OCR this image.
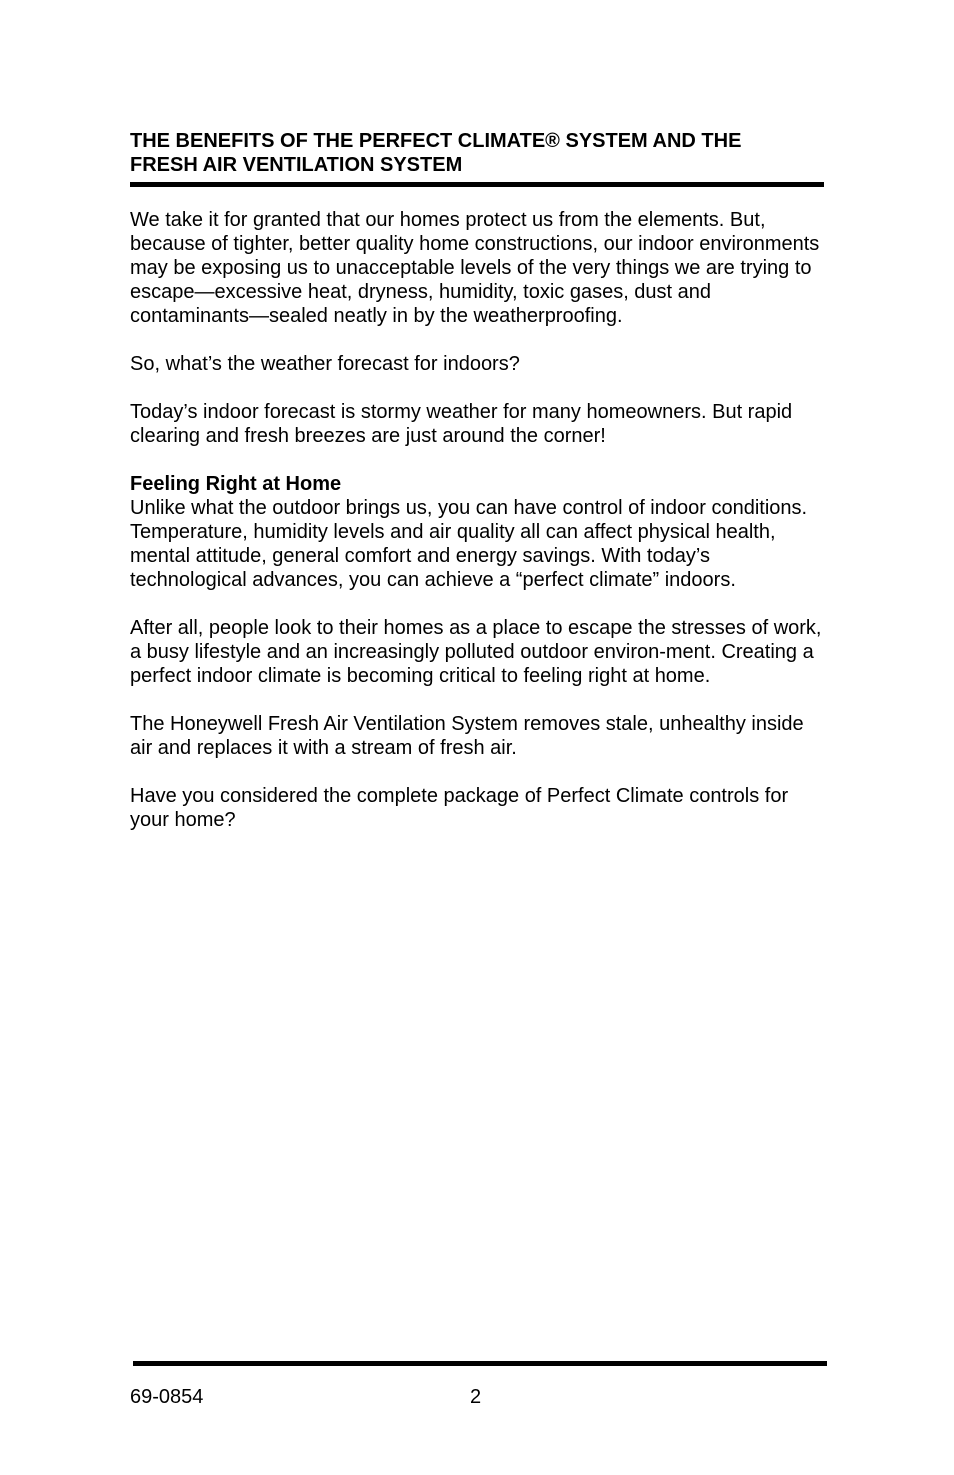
THE BENEFITS OF THE PERFECT CLIMATE® SYSTEM AND THE
FRESH AIR VENTILATION SYSTEM

We take it for granted that our homes protect us from the elements. But, because of tighter, better quality home constructions, our indoor environments may be exposing us to unacceptable levels of the very things we are trying to escape—excessive heat, dryness, humidity, toxic gases, dust and contaminants—sealed neatly in by the weatherproofing.

So, what’s the weather forecast for indoors?

Today’s indoor forecast is stormy weather for many homeowners. But rapid clearing and fresh breezes are just around the corner!

Feeling Right at Home
Unlike what the outdoor brings us, you can have control of indoor conditions. Temperature, humidity levels and air quality all can affect physical health, mental attitude, general comfort and energy savings. With today’s technological advances, you can achieve a “perfect climate” indoors.

After all, people look to their homes as a place to escape the stresses of work, a busy lifestyle and an increasingly polluted outdoor environ-ment. Creating a perfect indoor climate is becoming critical to feeling right at home.

The Honeywell Fresh Air Ventilation System removes stale, unhealthy inside air and replaces it with a stream of fresh air.

Have you considered the complete package of Perfect Climate controls for your home?

69-0854	2
